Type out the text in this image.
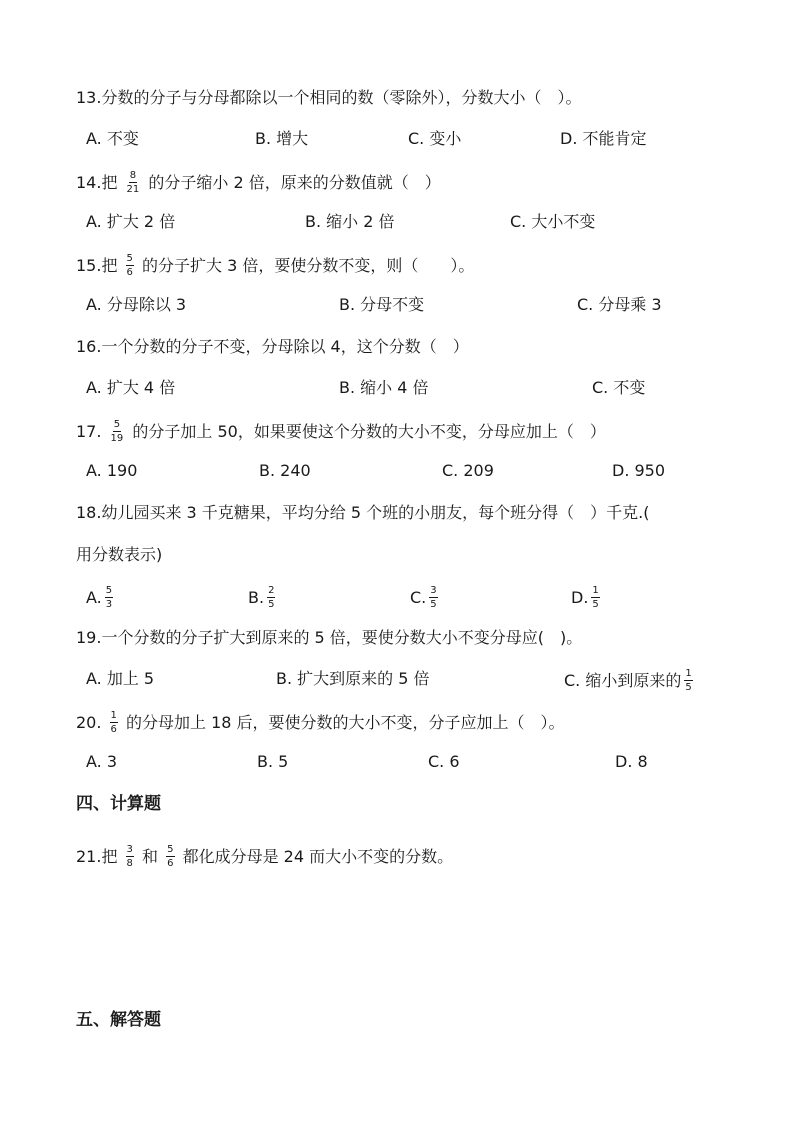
13.分数的分子与分母都除以一个相同的数（零除外），分数大小（　）。
A. 不变	B. 增大	C. 变小	D. 不能肯定
14.把 $\frac{8}{21}$ 的分子缩小 2 倍，原来的分数值就（　）
A. 扩大 2 倍	B. 缩小 2 倍	C. 大小不变
15.把 $\frac{5}{6}$ 的分子扩大 3 倍，要使分数不变，则（　　）。
A. 分母除以 3	B. 分母不变	C. 分母乘 3
16.一个分数的分子不变，分母除以 4，这个分数（　）
A. 扩大 4 倍	B. 缩小 4 倍	C. 不变
17. $\frac{5}{19}$ 的分子加上 50，如果要使这个分数的大小不变，分母应加上（　）
A. 190	B. 240	C. 209	D. 950
18.幼儿园买来 3 千克糖果，平均分给 5 个班的小朋友，每个班分得（　）千克.(
用分数表示)
A. $\frac{5}{3}$	B. $\frac{2}{5}$	C. $\frac{3}{5}$	D. $\frac{1}{5}$
19.一个分数的分子扩大到原来的 5 倍，要使分数大小不变分母应(　)。
A. 加上 5	B. 扩大到原来的 5 倍	C. 缩小到原来的 $\frac{1}{5}$
20. $\frac{1}{6}$ 的分母加上 18 后，要使分数的大小不变，分子应加上（　）。
A. 3	B. 5	C. 6	D. 8
四、计算题
21.把 $\frac{3}{8}$ 和 $\frac{5}{6}$ 都化成分母是 24 而大小不变的分数。
五、解答题
